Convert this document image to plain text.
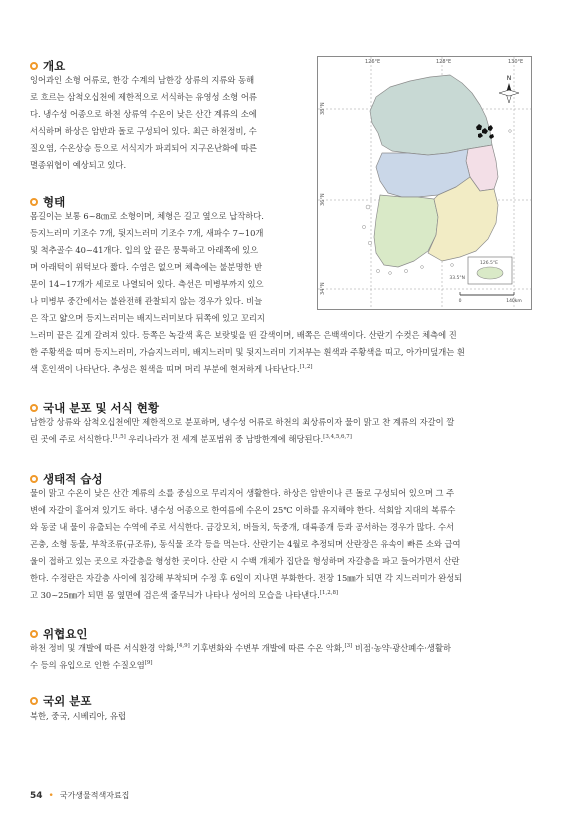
개요
잉어과인 소형 어류로, 한강 수계의 남한강 상류의 지류와 동해
로 흐르는 삼척오십천에 제한적으로 서식하는 유영성 소형 어류
다. 냉수성 어종으로 하천 상류역 수온이 낮은 산간 계류의 소에
서식하며 하상은 암반과 돌로 구성되어 있다. 최근 하천정비, 수
질오염, 수온상승 등으로 서식지가 파괴되어 지구온난화에 따른
멸종위협이 예상되고 있다.
형태
몸길이는 보통 6~8㎝로 소형이며, 체형은 길고 옆으로 납작하다.
등지느러미 기조수 7개, 뒷지느러미 기조수 7개, 새파수 7~10개
및 척추골수 40~41개다. 입의 앞 끝은 뭉툭하고 아래쪽에 있으
며 아래턱이 위턱보다 짧다. 수염은 없으며 체측에는 불분명한 반
문이 14~17개가 세로로 나열되어 있다. 측선은 미병부까지 있으
나 미병부 중간에서는 불완전해 관찰되지 않는 경우가 있다. 비늘
은 작고 얇으며 등지느러미는 배지느러미보다 뒤쪽에 있고 꼬리지
느러미 끝은 깊게 갈려져 있다. 등쪽은 녹갈색 혹은 보랏빛을 띤 갈색이며, 배쪽은 은백색이다. 산란기 수컷은 체측에 진
한 주황색을 띠며 등지느러미, 가슴지느러미, 배지느러미 및 뒷지느러미 기저부는 흰색과 주황색을 띠고, 아가미덮개는 흰
색 혼인색이 나타난다. 추성은 흰색을 띠며 머리 부분에 현저하게 나타난다.[1,2]
국내 분포 및 서식 현황
남한강 상류와 삼척오십천에만 제한적으로 분포하며, 냉수성 어류로 하천의 최상류이자 물이 맑고 찬 계류의 자갈이 깔
린 곳에 주로 서식한다.[1,5] 우리나라가 전 세계 분포범위 중 남방한계에 해당된다.[3,4,5,6,7]
생태적 습성
물이 맑고 수온이 낮은 산간 계류의 소를 중심으로 무리지어 생활한다. 하상은 암반이나 큰 돌로 구성되어 있으며 그 주
변에 자갈이 흩어져 있기도 하다. 냉수성 어종으로 한여름에 수온이 25℃ 이하를 유지해야 한다. 석회암 지대의 복류수
와 동굴 내 물이 유출되는 수역에 주로 서식한다. 금강모치, 버들치, 둑중개, 대륙종개 등과 공서하는 경우가 많다. 수서
곤충, 소형 동물, 부착조류(규조류), 동식물 조각 등을 먹는다. 산란기는 4월로 추정되며 산란장은 유속이 빠른 소와 급여
울이 접하고 있는 곳으로 자갈층을 형성한 곳이다. 산란 시 수백 개체가 집단을 형성하며 자갈층을 파고 들어가면서 산란
한다. 수정란은 자갈층 사이에 침강해 부착되며 수정 후 6일이 지나면 부화한다. 전장 15㎜가 되면 각 지느러미가 완성되
고 30~25㎜가 되면 몸 옆면에 검은색 줄무늬가 나타나 성어의 모습을 나타낸다.[1,2,8]
위협요인
하천 정비 및 개발에 따른 서식환경 악화,[4,9] 기후변화와 수변부 개발에 따른 수온 악화,[3] 비점·농약·광산폐수·생활하
수 등의 유입으로 인한 수질오염[9]
국외 분포
북한, 중국, 시베리아, 유럽
126°E	128°E	130°E
38°N
36°N
34°N
N
126.5°E
33.5°N
0	140km
54 • 국가생물적색자료집
